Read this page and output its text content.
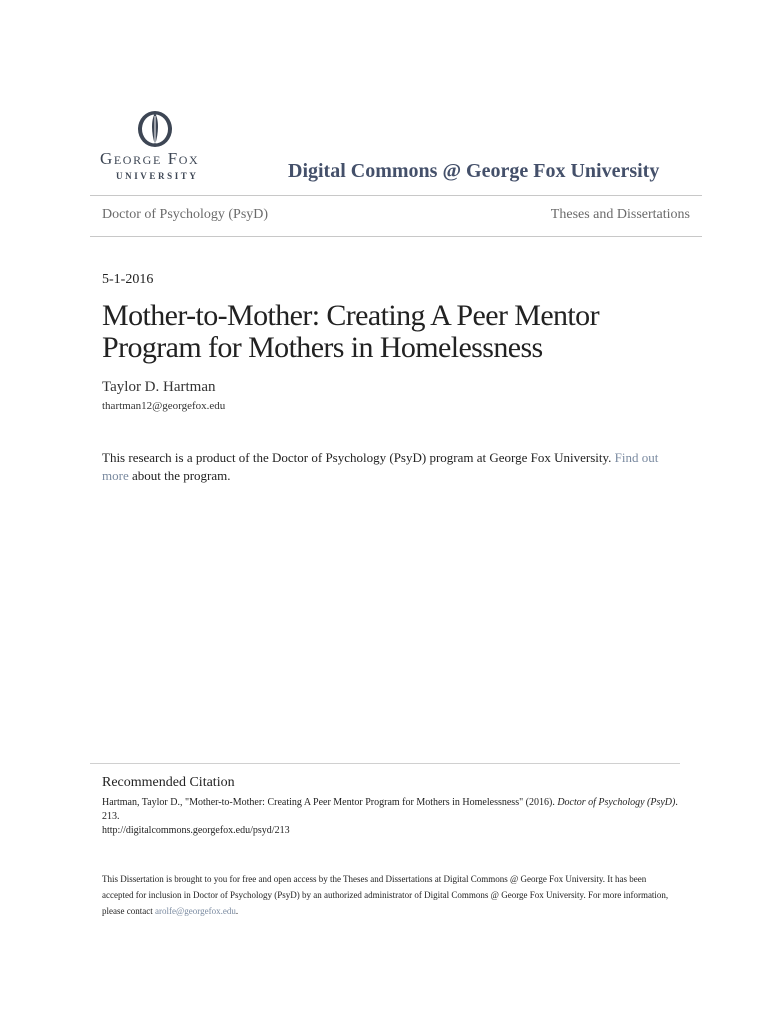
George Fox
UNIVERSITY	Digital Commons @ George Fox University
Doctor of Psychology (PsyD)	Theses and Dissertations
5-1-2016
Mother-to-Mother: Creating A Peer Mentor
Program for Mothers in Homelessness
Taylor D. Hartman
thartman12@georgefox.edu
This research is a product of the Doctor of Psychology (PsyD) program at George Fox University. Find out more about the program.
Recommended Citation
Hartman, Taylor D., "Mother-to-Mother: Creating A Peer Mentor Program for Mothers in Homelessness" (2016). Doctor of Psychology (PsyD). 213.
http://digitalcommons.georgefox.edu/psyd/213
This Dissertation is brought to you for free and open access by the Theses and Dissertations at Digital Commons @ George Fox University. It has been accepted for inclusion in Doctor of Psychology (PsyD) by an authorized administrator of Digital Commons @ George Fox University. For more information, please contact arolfe@georgefox.edu.
